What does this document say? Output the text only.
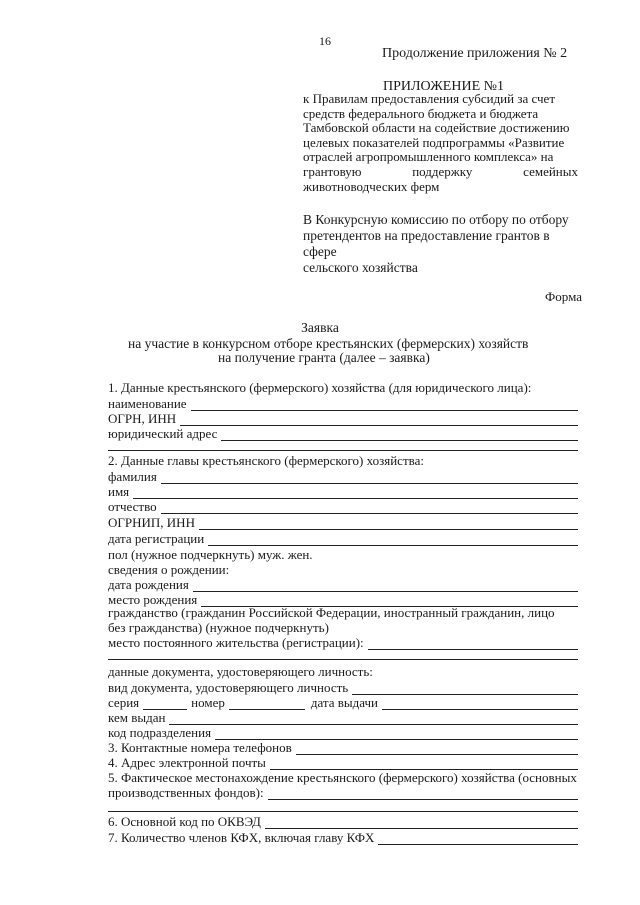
16
Продолжение приложения № 2
ПРИЛОЖЕНИЕ №1
к Правилам предоставления субсидий за счет
средств федерального бюджета и бюджета
Тамбовской области на содействие достижению
целевых показателей подпрограммы «Развитие
отраслей агропромышленного комплекса» на
грантовую	поддержку	семейных
животноводческих ферм
В Конкурсную комиссию по отбору по отбору
претендентов на предоставление грантов в сфере
сельского хозяйства
Форма
Заявка
на участие в конкурсном отборе крестьянских (фермерских) хозяйств
на получение гранта (далее – заявка)
1. Данные крестьянского (фермерского) хозяйства (для юридического лица):
наименование
ОГРН, ИНН
юридический адрес
2. Данные главы крестьянского (фермерского) хозяйства:
фамилия
имя
отчество
ОГРНИП, ИНН
дата регистрации
пол (нужное подчеркнуть) муж. жен.
сведения о рождении:
дата рождения
место рождения
гражданство (гражданин Российской Федерации, иностранный гражданин, лицо
без гражданства) (нужное подчеркнуть)
место постоянного жительства (регистрации):
данные документа, удостоверяющего личность:
вид документа, удостоверяющего личность
серия	номер	дата выдачи
кем выдан
код подразделения
3. Контактные номера телефонов
4. Адрес электронной почты
5. Фактическое местонахождение крестьянского (фермерского) хозяйства (основных
производственных фондов):
6. Основной код по ОКВЭД
7. Количество членов КФХ, включая главу КФХ
